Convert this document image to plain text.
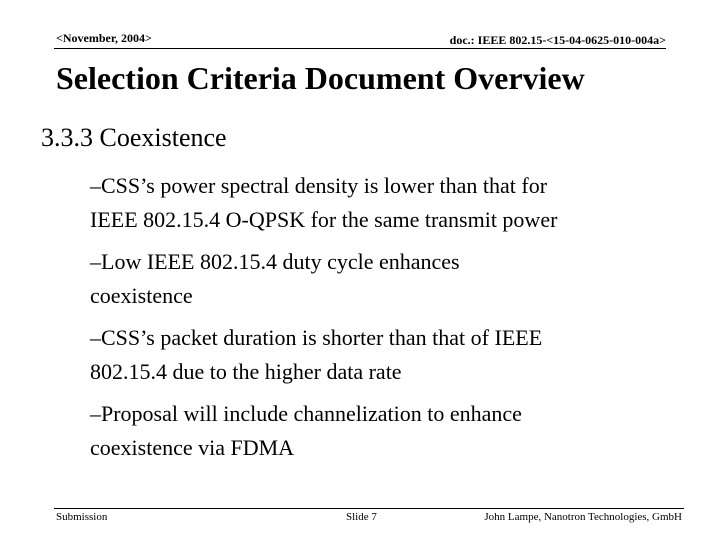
<November, 2004>	doc.: IEEE 802.15-<15-04-0625-010-004a>
Selection Criteria Document Overview
3.3.3 Coexistence
–CSS’s power spectral density is lower than that for
IEEE 802.15.4 O-QPSK for the same transmit power
–Low IEEE 802.15.4 duty cycle enhances
coexistence
–CSS’s packet duration is shorter than that of IEEE
802.15.4 due to the higher data rate
–Proposal will include channelization to enhance
coexistence via FDMA
Submission	Slide 7	John Lampe, Nanotron Technologies, GmbH
